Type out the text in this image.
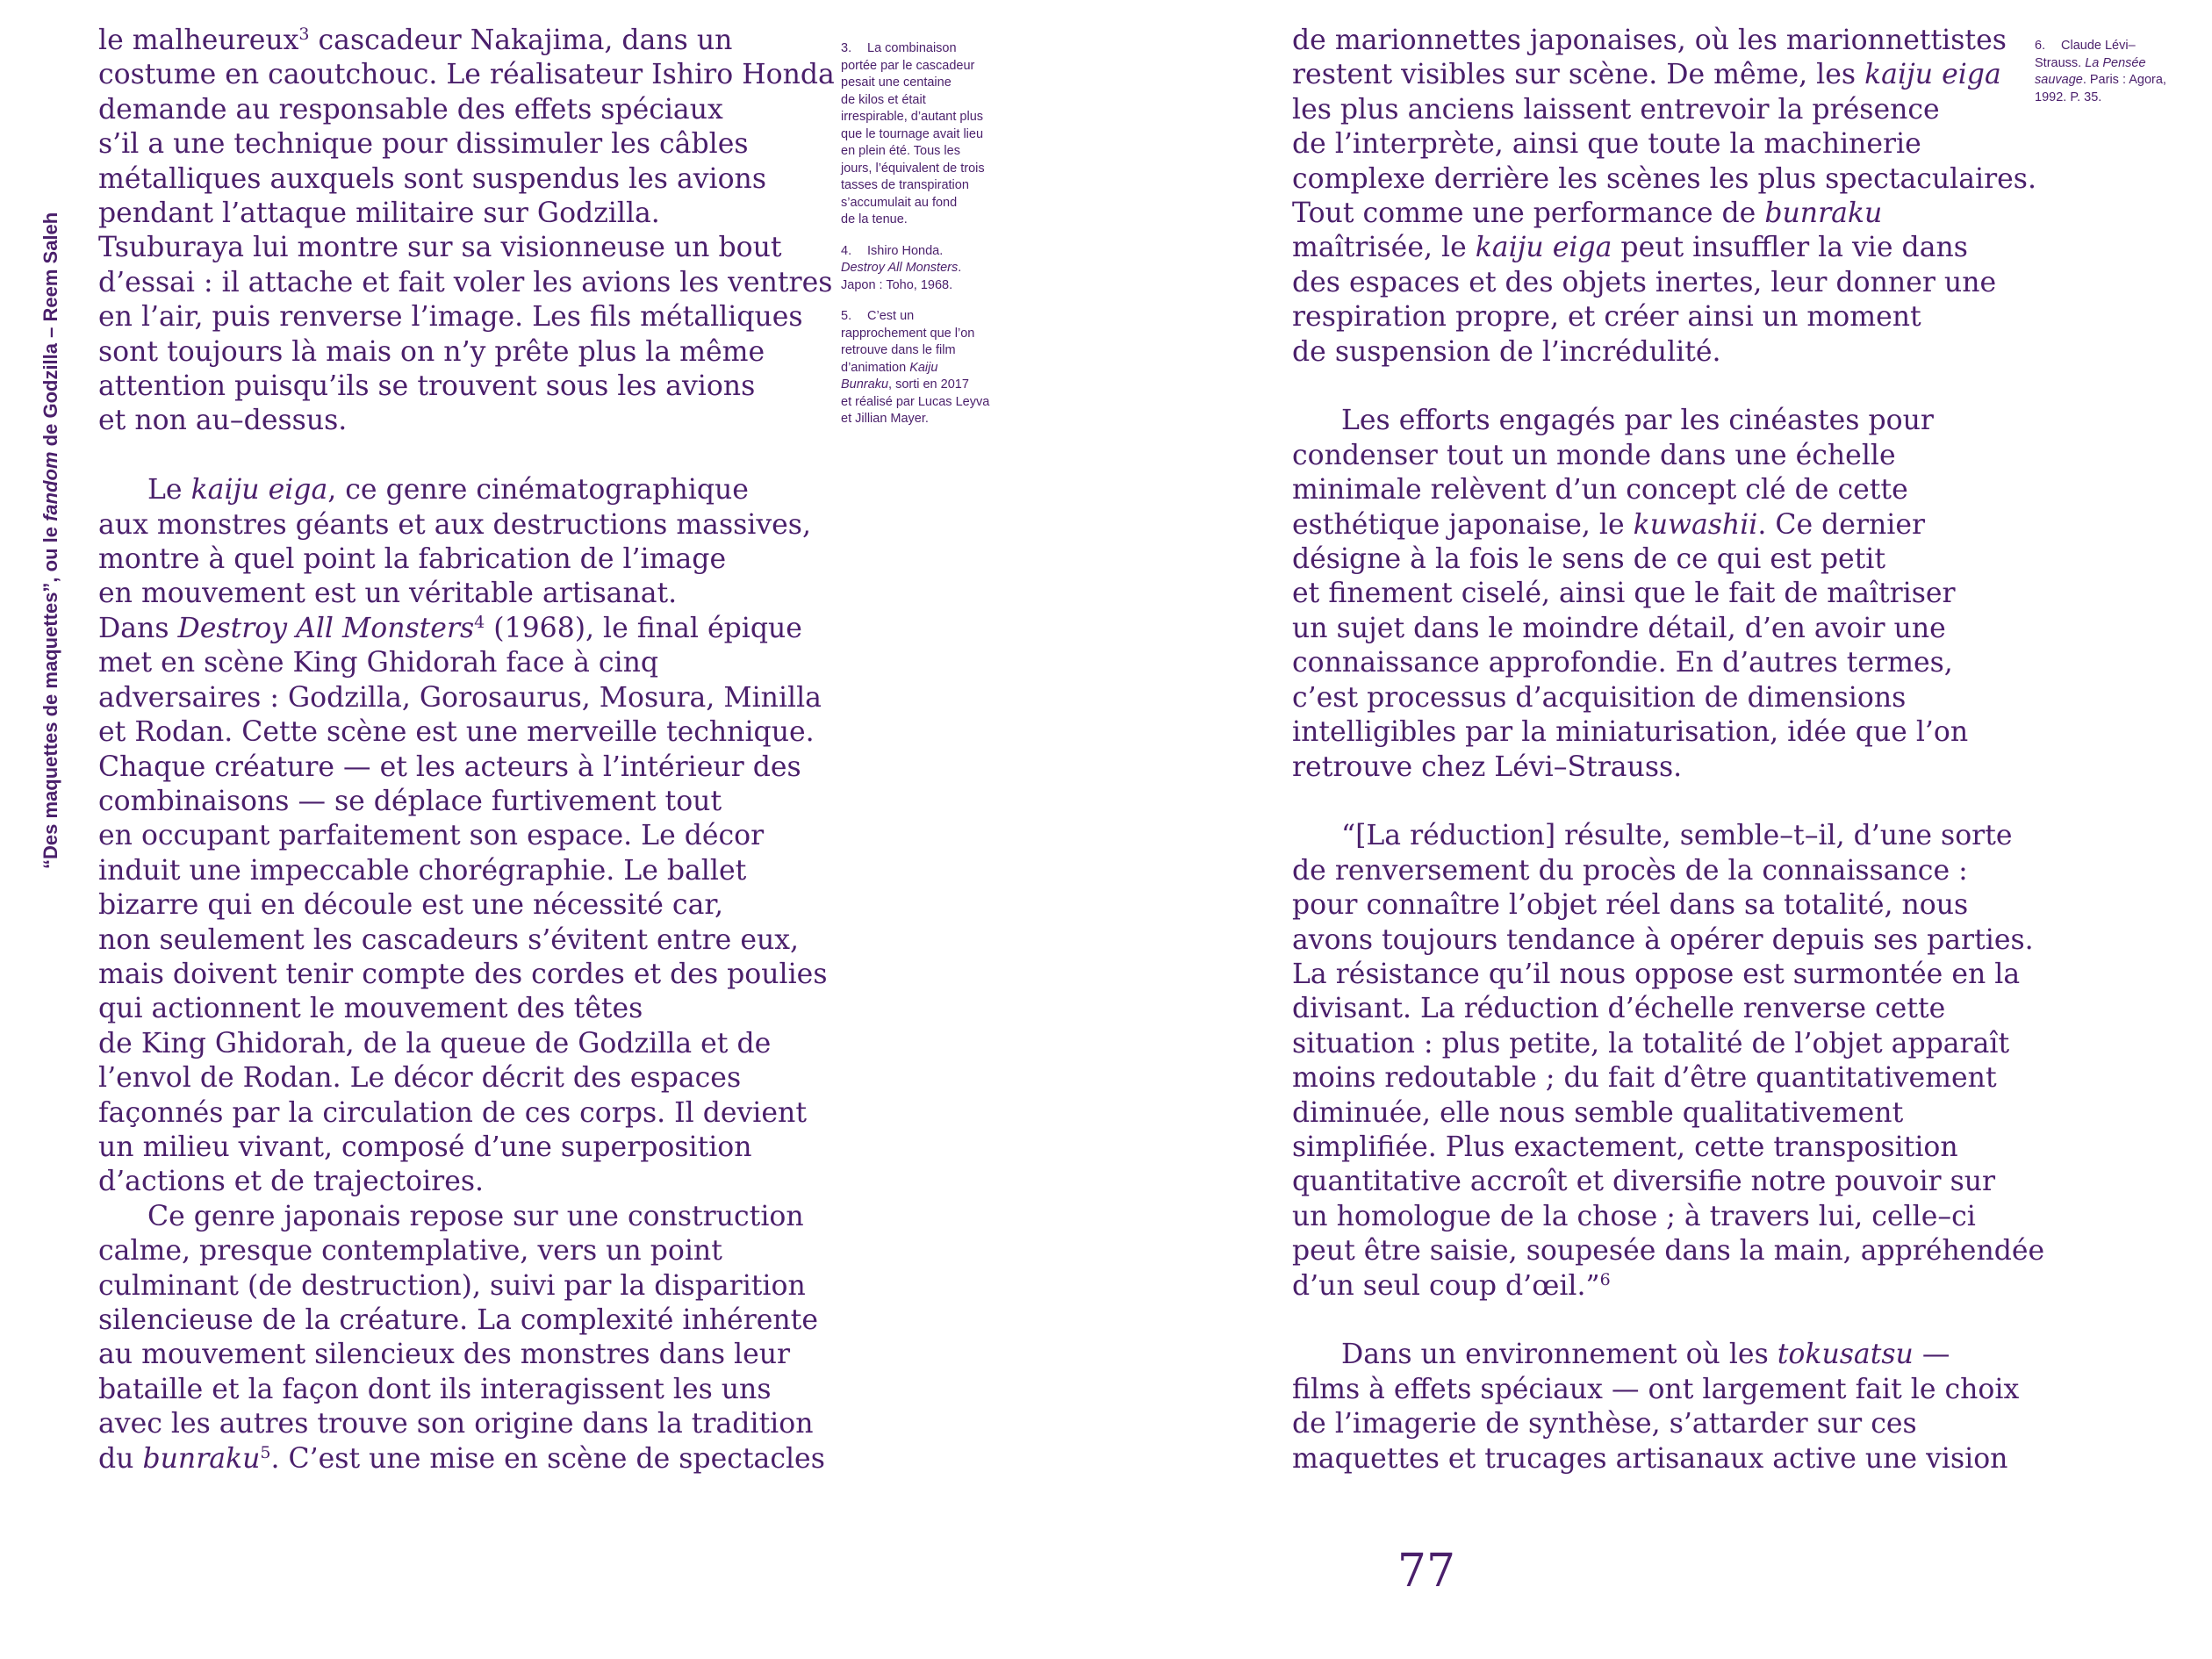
“Des maquettes de maquettes”, ou le fandom de Godzilla – Reem Saleh
le malheureux$^3$ cascadeur Nakajima, dans un
costume en caoutchouc. Le réalisateur Ishiro Honda
demande au responsable des effets spéciaux
s’il a une technique pour dissimuler les câbles
métalliques auxquels sont suspendus les avions
pendant l’attaque militaire sur Godzilla.
Tsuburaya lui montre sur sa visionneuse un bout
d’essai : il attache et fait voler les avions les ventres
en l’air, puis renverse l’image. Les fils métalliques
sont toujours là mais on n’y prête plus la même
attention puisqu’ils se trouvent sous les avions
et non au–dessus.
Le kaiju eiga, ce genre cinématographique
aux monstres géants et aux destructions massives,
montre à quel point la fabrication de l’image
en mouvement est un véritable artisanat.
Dans Destroy All Monsters$^4$ (1968), le final épique
met en scène King Ghidorah face à cinq
adversaires : Godzilla, Gorosaurus, Mosura, Minilla
et Rodan. Cette scène est une merveille technique.
Chaque créature — et les acteurs à l’intérieur des
combinaisons — se déplace furtivement tout
en occupant parfaitement son espace. Le décor
induit une impeccable chorégraphie. Le ballet
bizarre qui en découle est une nécessité car,
non seulement les cascadeurs s’évitent entre eux,
mais doivent tenir compte des cordes et des poulies
qui actionnent le mouvement des têtes
de King Ghidorah, de la queue de Godzilla et de
l’envol de Rodan. Le décor décrit des espaces
façonnés par la circulation de ces corps. Il devient
un milieu vivant, composé d’une superposition
d’actions et de trajectoires.
Ce genre japonais repose sur une construction
calme, presque contemplative, vers un point
culminant (de destruction), suivi par la disparition
silencieuse de la créature. La complexité inhérente
au mouvement silencieux des monstres dans leur
bataille et la façon dont ils interagissent les uns
avec les autres trouve son origine dans la tradition
du bunraku$^5$. C’est une mise en scène de spectacles
3. La combinaison
portée par le cascadeur
pesait une centaine
de kilos et était
irrespirable, d’autant plus
que le tournage avait lieu
en plein été. Tous les
jours, l’équivalent de trois
tasses de transpiration
s’accumulait au fond
de la tenue.
4. Ishiro Honda.
Destroy All Monsters.
Japon : Toho, 1968.
5. C’est un
rapprochement que l’on
retrouve dans le film
d’animation Kaiju
Bunraku, sorti en 2017
et réalisé par Lucas Leyva
et Jillian Mayer.
de marionnettes japonaises, où les marionnettistes
restent visibles sur scène. De même, les kaiju eiga
les plus anciens laissent entrevoir la présence
de l’interprète, ainsi que toute la machinerie
complexe derrière les scènes les plus spectaculaires.
Tout comme une performance de bunraku
maîtrisée, le kaiju eiga peut insuffler la vie dans
des espaces et des objets inertes, leur donner une
respiration propre, et créer ainsi un moment
de suspension de l’incrédulité.
Les efforts engagés par les cinéastes pour
condenser tout un monde dans une échelle
minimale relèvent d’un concept clé de cette
esthétique japonaise, le kuwashii. Ce dernier
désigne à la fois le sens de ce qui est petit
et finement ciselé, ainsi que le fait de maîtriser
un sujet dans le moindre détail, d’en avoir une
connaissance approfondie. En d’autres termes,
c’est processus d’acquisition de dimensions
intelligibles par la miniaturisation, idée que l’on
retrouve chez Lévi–Strauss.
“[La réduction] résulte, semble–t–il, d’une sorte
de renversement du procès de la connaissance :
pour connaître l’objet réel dans sa totalité, nous
avons toujours tendance à opérer depuis ses parties.
La résistance qu’il nous oppose est surmontée en la
divisant. La réduction d’échelle renverse cette
situation : plus petite, la totalité de l’objet apparaît
moins redoutable ; du fait d’être quantitativement
diminuée, elle nous semble qualitativement
simplifiée. Plus exactement, cette transposition
quantitative accroît et diversifie notre pouvoir sur
un homologue de la chose ; à travers lui, celle–ci
peut être saisie, soupesée dans la main, appréhendée
d’un seul coup d’œil.”$^6$
Dans un environnement où les tokusatsu —
films à effets spéciaux — ont largement fait le choix
de l’imagerie de synthèse, s’attarder sur ces
maquettes et trucages artisanaux active une vision
6. Claude Lévi–
Strauss. La Pensée
sauvage. Paris : Agora,
1992. P. 35.
77
